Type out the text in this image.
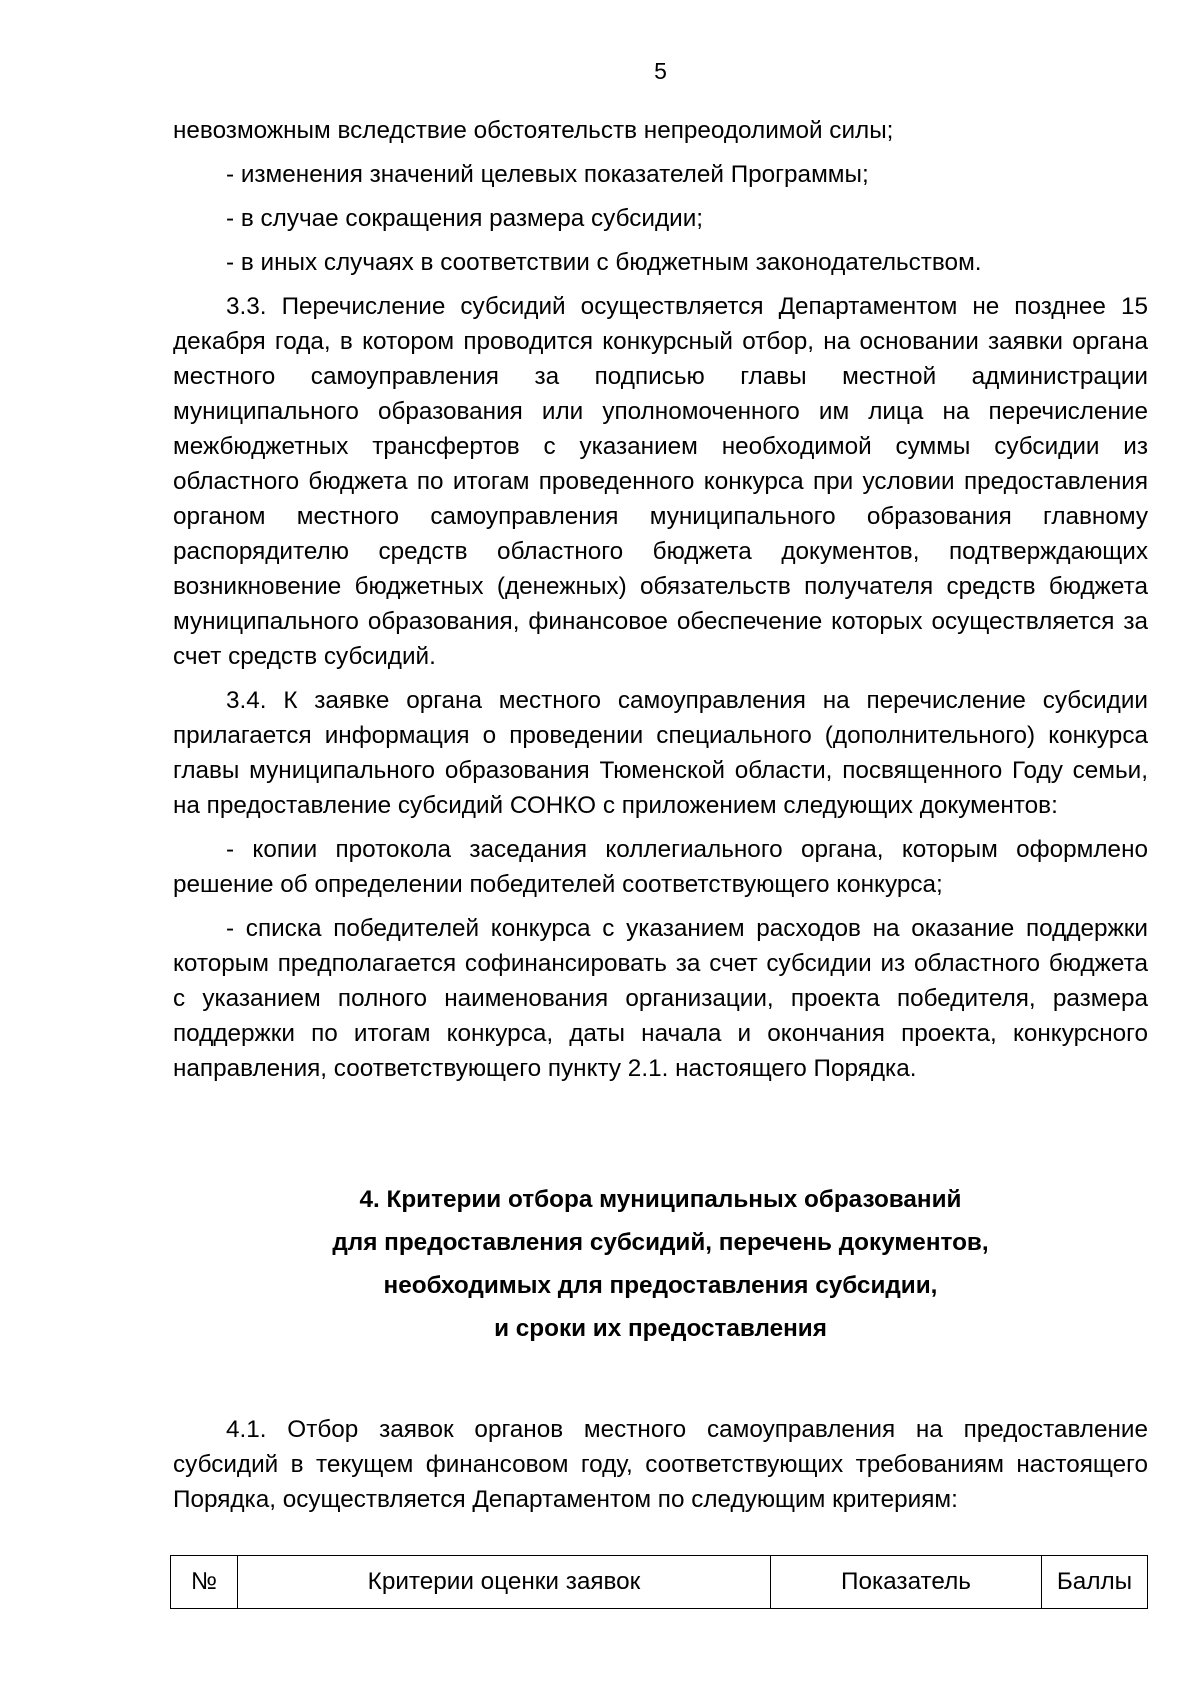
5

невозможным вследствие обстоятельств непреодолимой силы;

- изменения значений целевых показателей Программы;

- в случае сокращения размера субсидии;

- в иных случаях в соответствии с бюджетным законодательством.

3.3. Перечисление субсидий осуществляется Департаментом не позднее 15 декабря года, в котором проводится конкурсный отбор, на основании заявки органа местного самоуправления за подписью главы местной администрации муниципального образования или уполномоченного им лица на перечисление межбюджетных трансфертов с указанием необходимой суммы субсидии из областного бюджета по итогам проведенного конкурса при условии предоставления органом местного самоуправления муниципального образования главному распорядителю средств областного бюджета документов, подтверждающих возникновение бюджетных (денежных) обязательств получателя средств бюджета муниципального образования, финансовое обеспечение которых осуществляется за счет средств субсидий.

3.4. К заявке органа местного самоуправления на перечисление субсидии прилагается информация о проведении специального (дополнительного) конкурса главы муниципального образования Тюменской области, посвященного Году семьи, на предоставление субсидий СОНКО с приложением следующих документов:

- копии протокола заседания коллегиального органа, которым оформлено решение об определении победителей соответствующего конкурса;

- списка победителей конкурса с указанием расходов на оказание поддержки которым предполагается софинансировать за счет субсидии из областного бюджета с указанием полного наименования организации, проекта победителя, размера поддержки по итогам конкурса, даты начала и окончания проекта, конкурсного направления, соответствующего пункту 2.1. настоящего Порядка.

4. Критерии отбора муниципальных образований
для предоставления субсидий, перечень документов,
необходимых для предоставления субсидии,
и сроки их предоставления

4.1. Отбор заявок органов местного самоуправления на предоставление субсидий в текущем финансовом году, соответствующих требованиям настоящего Порядка, осуществляется Департаментом по следующим критериям:

№	Критерии оценки заявок	Показатель	Баллы
